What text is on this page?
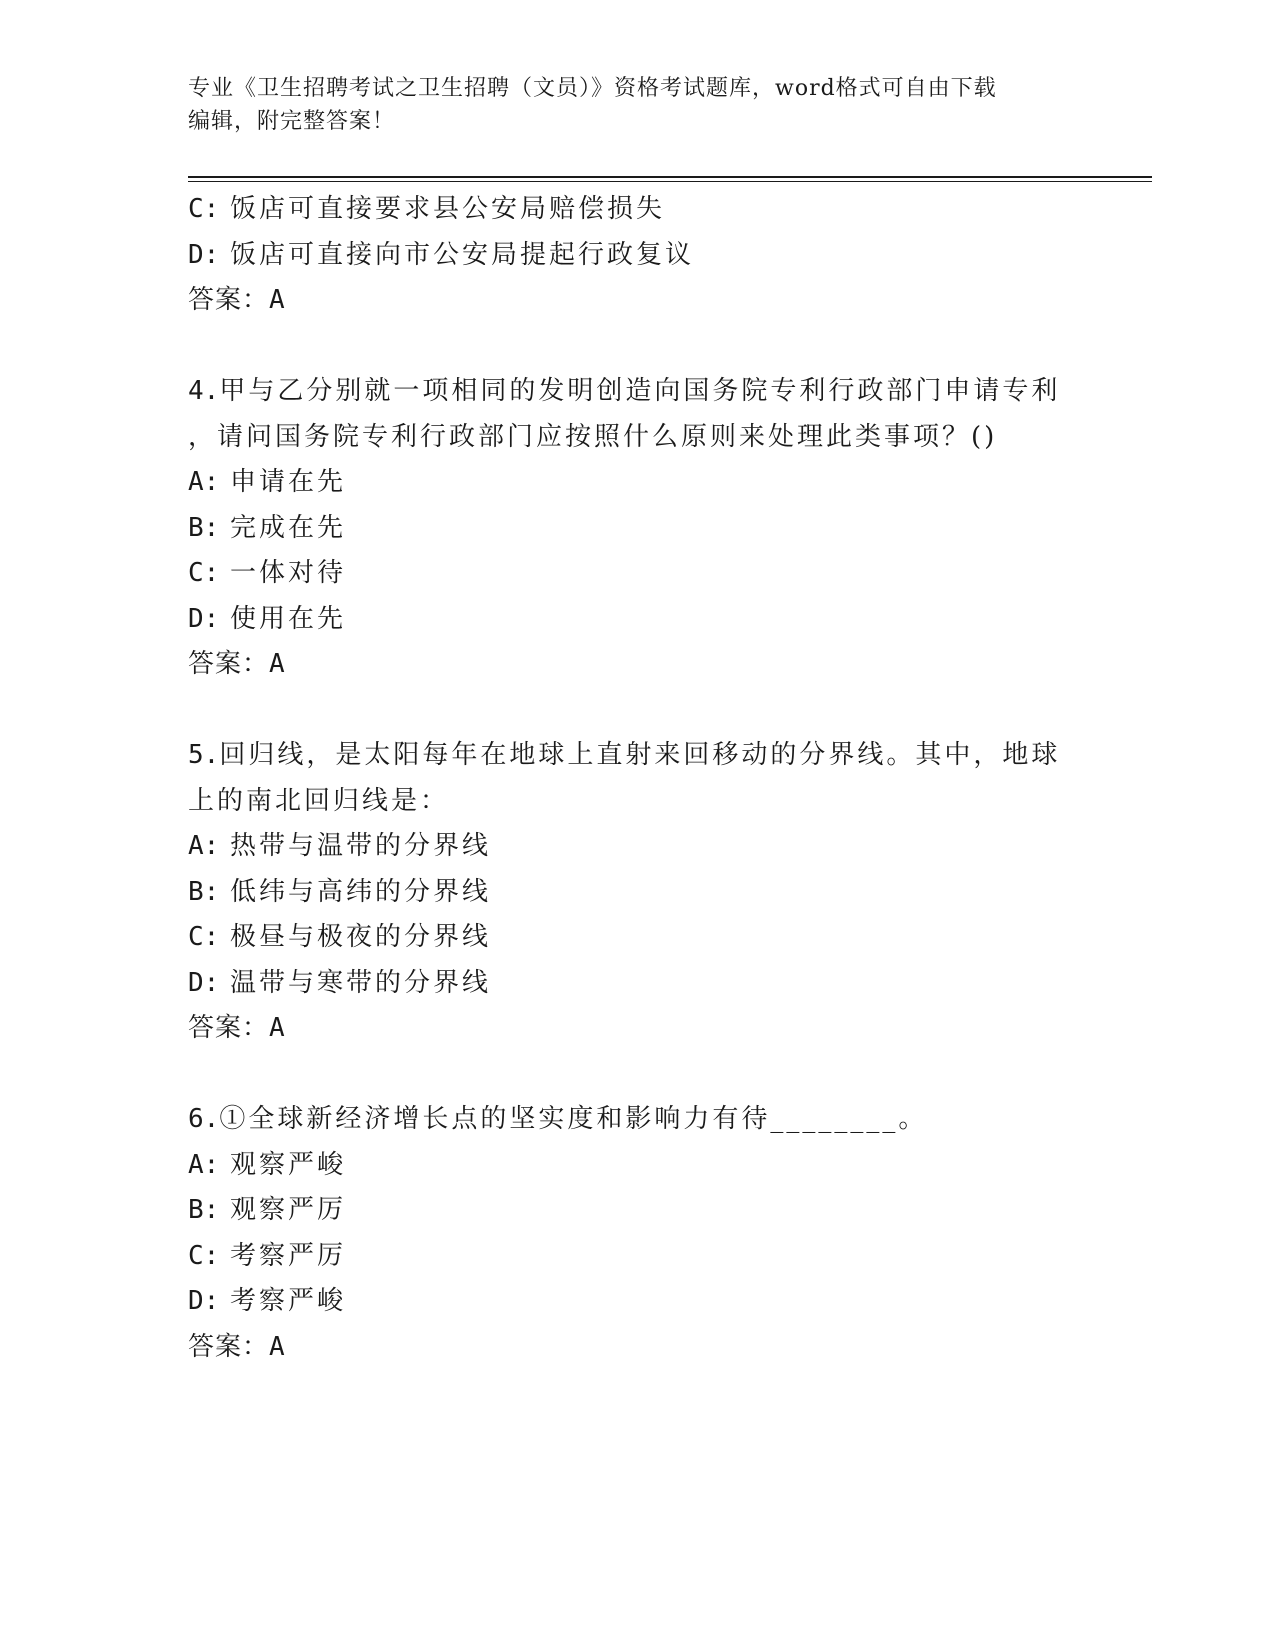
专业《卫生招聘考试之卫生招聘（文员）》资格考试题库，word格式可自由下载
编辑，附完整答案！
C: 饭店可直接要求县公安局赔偿损失
D: 饭店可直接向市公安局提起行政复议
答案：A
4.甲与乙分别就一项相同的发明创造向国务院专利行政部门申请专利
，请问国务院专利行政部门应按照什么原则来处理此类事项？()
A: 申请在先
B: 完成在先
C: 一体对待
D: 使用在先
答案：A
5.回归线，是太阳每年在地球上直射来回移动的分界线。其中，地球
上的南北回归线是：
A: 热带与温带的分界线
B: 低纬与高纬的分界线
C: 极昼与极夜的分界线
D: 温带与寒带的分界线
答案：A
6.①全球新经济增长点的坚实度和影响力有待________。
A: 观察严峻
B: 观察严厉
C: 考察严厉
D: 考察严峻
答案：A
